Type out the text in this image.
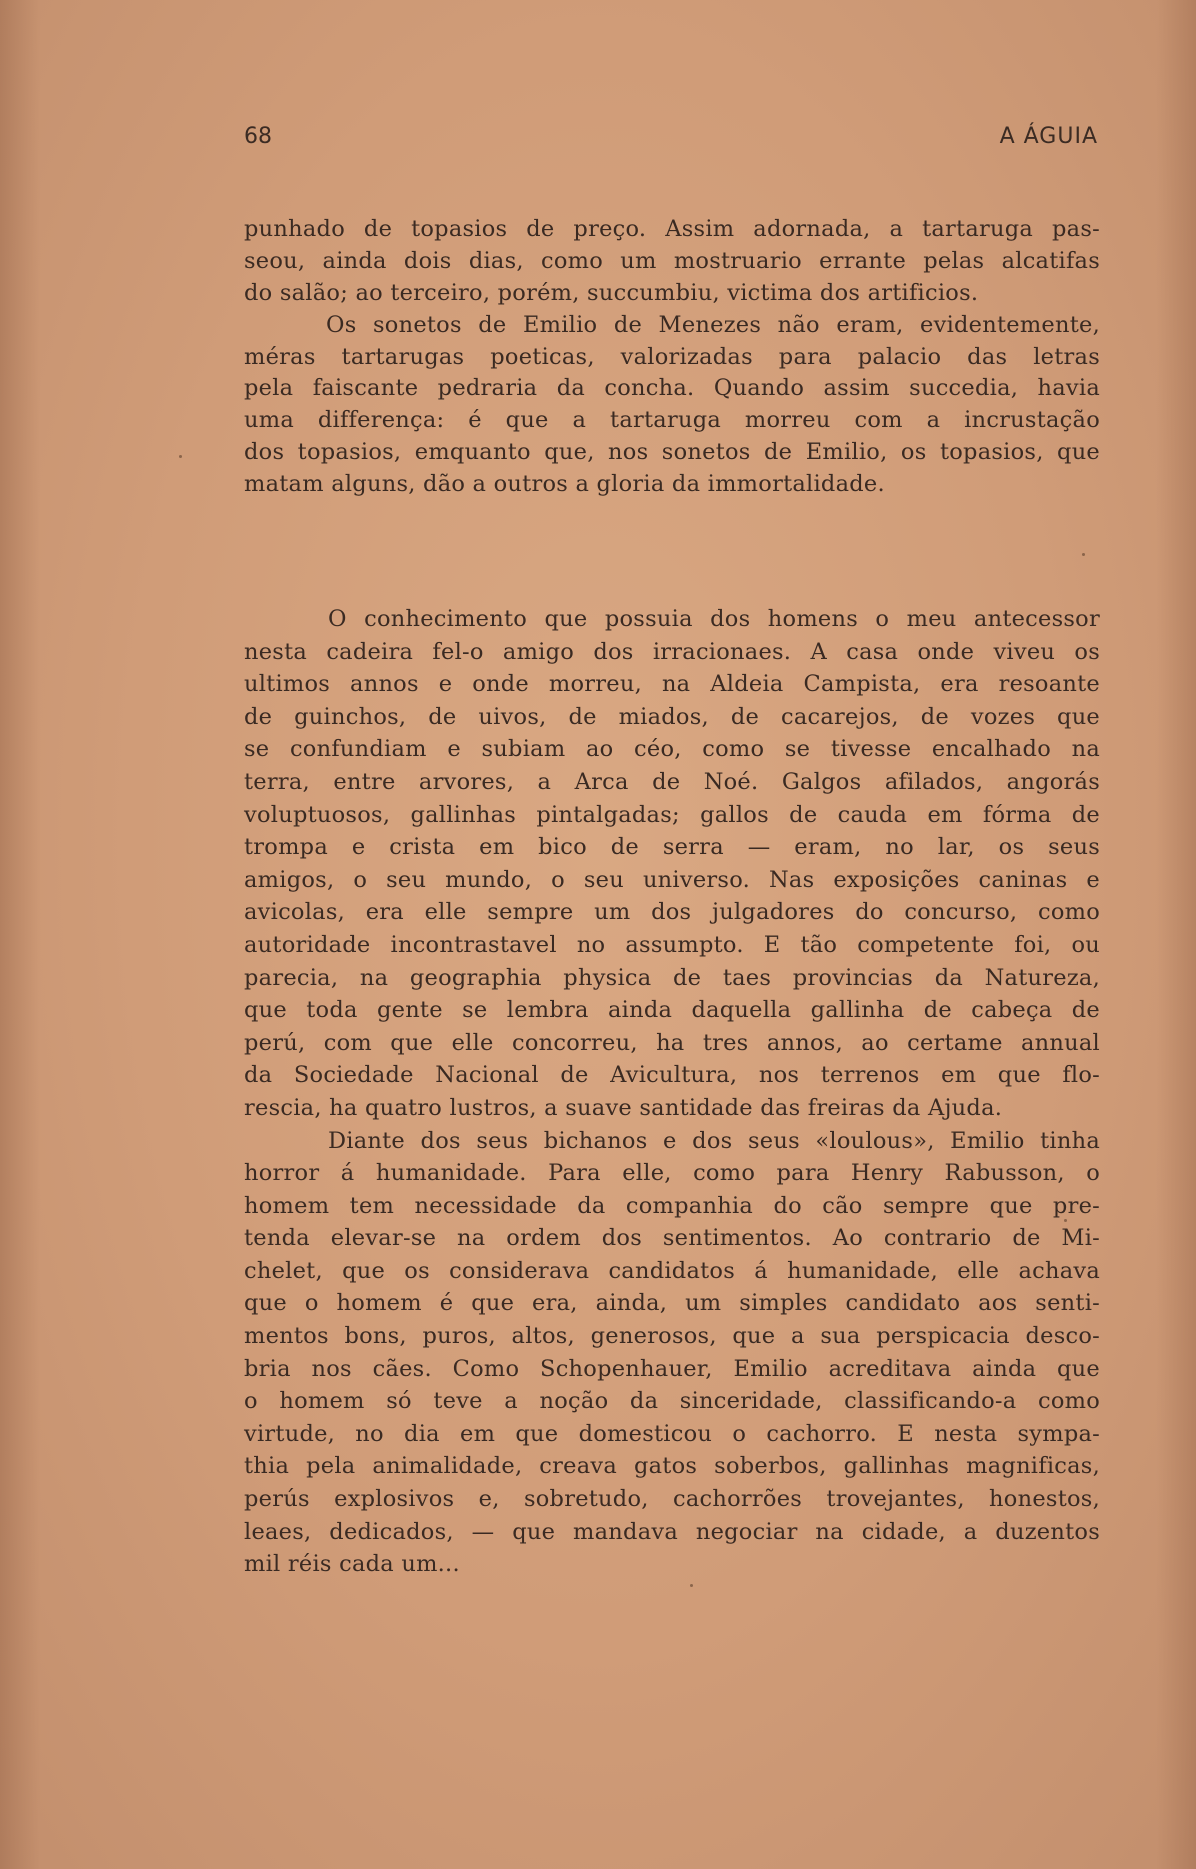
68	A ÁGUIA
punhado de topasios de preço. Assim adornada, a tartaruga pas-
seou, ainda dois dias, como um mostruario errante pelas alcatifas
do salão; ao terceiro, porém, succumbiu, victima dos artificios.
Os sonetos de Emilio de Menezes não eram, evidentemente,
méras tartarugas poeticas, valorizadas para palacio das letras
pela faiscante pedraria da concha. Quando assim succedia, havia
uma differença: é que a tartaruga morreu com a incrustação
dos topasios, emquanto que, nos sonetos de Emilio, os topasios, que
matam alguns, dão a outros a gloria da immortalidade.
O conhecimento que possuia dos homens o meu antecessor
nesta cadeira fel-o amigo dos irracionaes. A casa onde viveu os
ultimos annos e onde morreu, na Aldeia Campista, era resoante
de guinchos, de uivos, de miados, de cacarejos, de vozes que
se confundiam e subiam ao céo, como se tivesse encalhado na
terra, entre arvores, a Arca de Noé. Galgos afilados, angorás
voluptuosos, gallinhas pintalgadas; gallos de cauda em fórma de
trompa e crista em bico de serra — eram, no lar, os seus
amigos, o seu mundo, o seu universo. Nas exposições caninas e
avicolas, era elle sempre um dos julgadores do concurso, como
autoridade incontrastavel no assumpto. E tão competente foi, ou
parecia, na geographia physica de taes provincias da Natureza,
que toda gente se lembra ainda daquella gallinha de cabeça de
perú, com que elle concorreu, ha tres annos, ao certame annual
da Sociedade Nacional de Avicultura, nos terrenos em que flo-
rescia, ha quatro lustros, a suave santidade das freiras da Ajuda.
Diante dos seus bichanos e dos seus «loulous», Emilio tinha
horror á humanidade. Para elle, como para Henry Rabusson, o
homem tem necessidade da companhia do cão sempre que pre-
tenda elevar-se na ordem dos sentimentos. Ao contrario de Mi-
chelet, que os considerava candidatos á humanidade, elle achava
que o homem é que era, ainda, um simples candidato aos senti-
mentos bons, puros, altos, generosos, que a sua perspicacia desco-
bria nos cães. Como Schopenhauer, Emilio acreditava ainda que
o homem só teve a noção da sinceridade, classificando-a como
virtude, no dia em que domesticou o cachorro. E nesta sympa-
thia pela animalidade, creava gatos soberbos, gallinhas magnificas,
perús explosivos e, sobretudo, cachorrões trovejantes, honestos,
leaes, dedicados, — que mandava negociar na cidade, a duzentos
mil réis cada um...
